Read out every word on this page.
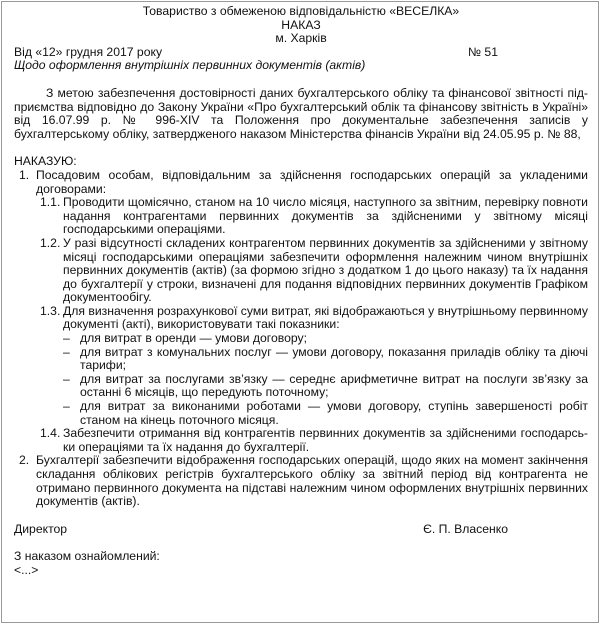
Товариство з обмеженою відповідальністю «ВЕСЕЛКА»
НАКАЗ
м. Харків
Від «12» грудня 2017 року	№ 51
Щодо оформлення внутрішніх первинних документів (актів)
З метою забезпечення достовірності даних бухгалтерського обліку та фінансової звітності під-приємства відповідно до Закону України «Про бухгалтерський облік та фінансову звітність в Україні» від 16.07.99 р. № 996-XIV та Положення про документальне забезпечення записів у бухгалтерському обліку, затвердженого наказом Міністерства фінансів України від 24.05.95 р. № 88,
НАКАЗУЮ:
1. Посадовим особам, відповідальним за здійснення господарських операцій за укладеними договорами:
1.1. Проводити щомісячно, станом на 10 число місяця, наступного за звітним, перевірку повноти надання контрагентами первинних документів за здійсненими у звітному місяці господарськими операціями.
1.2. У разі відсутності складених контрагентом первинних документів за здійсненими у звітному місяці господарськими операціями забезпечити оформлення належним чином внутрішніх первинних документів (актів) (за формою згідно з додатком 1 до цього наказу) та їх надання до бухгалтерії у строки, визначені для подання відповідних первинних документів Графіком документообігу.
1.3. Для визначення розрахункової суми витрат, які відображаються у внутрішньому первинному документі (акті), використовувати такі показники:
– для витрат в оренди — умови договору;
– для витрат з комунальних послуг — умови договору, показання приладів обліку та діючі тарифи;
– для витрат за послугами зв’язку — середнє арифметичне витрат на послуги зв’язку за останні 6 місяців, що передують поточному;
– для витрат за виконаними роботами — умови договору, ступінь завершеності робіт станом на кінець поточного місяця.
1.4. Забезпечити отримання від контрагентів первинних документів за здійсненими господарсь-ки операціями та їх надання до бухгалтерії.
2. Бухгалтерії забезпечити відображення господарських операцій, щодо яких на момент закінчення складання облікових регістрів бухгалтерського обліку за звітний період від контрагента не отримано первинного документа на підставі належним чином оформлених внутрішніх первинних документів (актів).
Директор	Є. П. Власенко
З наказом ознайомлений:
<...>
